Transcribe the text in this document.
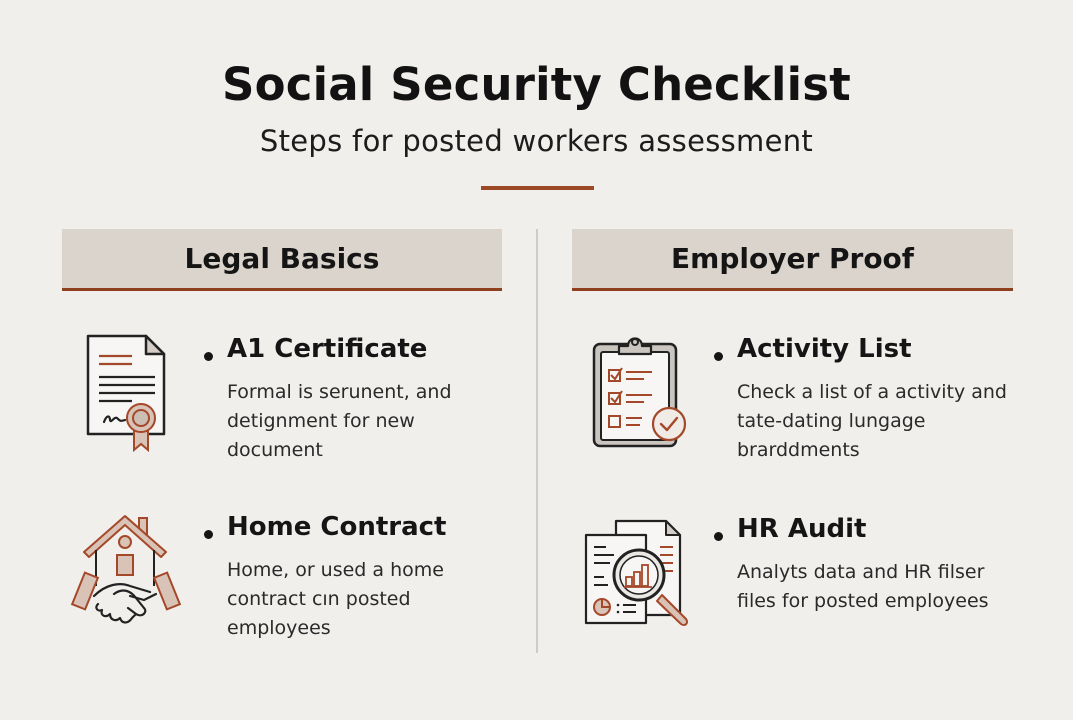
Social Security Checklist
Steps for posted workers assessment
Legal Basics
A1 Certificate
Formal is serunent, and detignment for new document
Home Contract
Home, or used a home contract cın posted employees
Employer Proof
Activity List
Check a list of a activity and tate-dating lungage brarddments
HR Audit
Analyts data and HR filser files for posted employees
